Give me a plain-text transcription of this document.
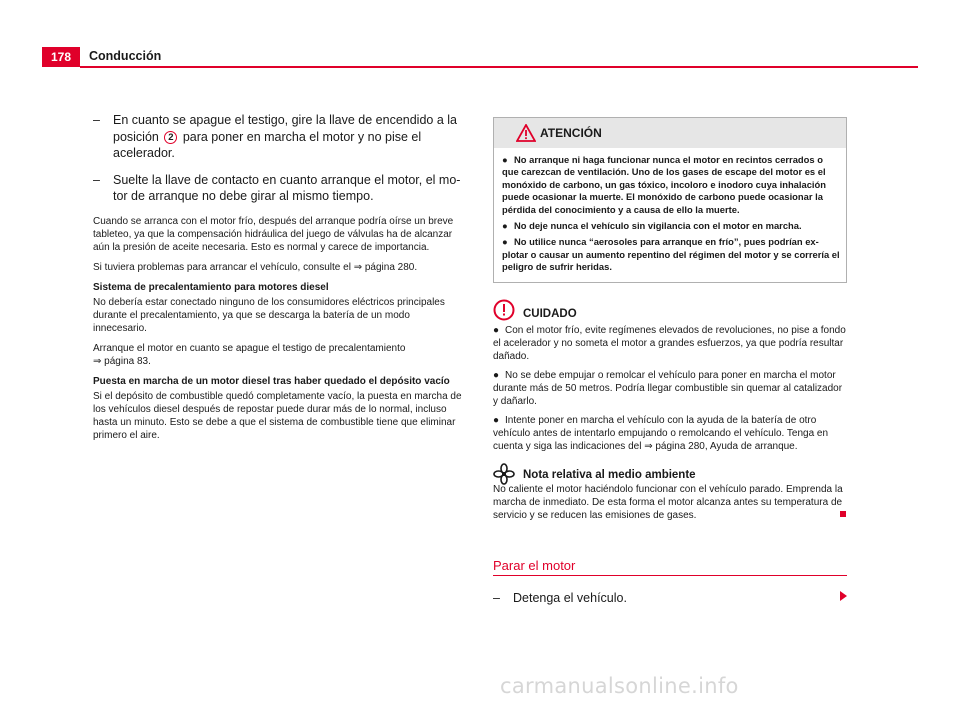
178	Conducción
– En cuanto se apague el testigo, gire la llave de encendido a la posición 2 para poner en marcha el motor y no pise el acelerador.
– Suelte la llave de contacto en cuanto arranque el motor, el motor de arranque no debe girar al mismo tiempo.

Cuando se arranca con el motor frío, después del arranque podría oírse un breve tableteo, ya que la compensación hidráulica del juego de válvulas ha de alcanzar aún la presión de aceite necesaria. Esto es normal y carece de importancia.

Si tuviera problemas para arrancar el vehículo, consulte el ⇒ página 280.

Sistema de precalentamiento para motores diesel

No debería estar conectado ninguno de los consumidores eléctricos principales durante el precalentamiento, ya que se descarga la batería de un modo innecesario.

Arranque el motor en cuanto se apague el testigo de precalentamiento
⇒ página 83.

Puesta en marcha de un motor diesel tras haber quedado el depósito vacío

Si el depósito de combustible quedó completamente vacío, la puesta en marcha de los vehículos diesel después de repostar puede durar más de lo normal, incluso hasta un minuto. Esto se debe a que el sistema de combustible tiene que eliminar primero el aire.

ATENCIÓN
● No arranque ni haga funcionar nunca el motor en recintos cerrados o que carezcan de ventilación. Uno de los gases de escape del motor es el monóxido de carbono, un gas tóxico, incoloro e inodoro cuya inhalación puede ocasionar la muerte. El monóxido de carbono puede ocasionar la pérdida del conocimiento y a causa de ello la muerte.
● No deje nunca el vehículo sin vigilancia con el motor en marcha.
● No utilice nunca “aerosoles para arranque en frío”, pues podrían explotar o causar un aumento repentino del régimen del motor y se correría el peligro de sufrir heridas.
CUIDADO

● Con el motor frío, evite regímenes elevados de revoluciones, no pise a fondo el acelerador y no someta el motor a grandes esfuerzos, ya que podría resultar dañado.

● No se debe empujar o remolcar el vehículo para poner en marcha el motor durante más de 50 metros. Podría llegar combustible sin quemar al catalizador y dañarlo.

● Intente poner en marcha el vehículo con la ayuda de la batería de otro vehículo antes de intentarlo empujando o remolcando el vehículo. Tenga en cuenta y siga las indicaciones del ⇒ página 280, Ayuda de arranque.

Nota relativa al medio ambiente

No caliente el motor haciéndolo funcionar con el vehículo parado. Emprenda la marcha de inmediato. De esta forma el motor alcanza antes su temperatura de servicio y se reducen las emisiones de gases.

Parar el motor
– Detenga el vehículo.
carmanualsonline.info
